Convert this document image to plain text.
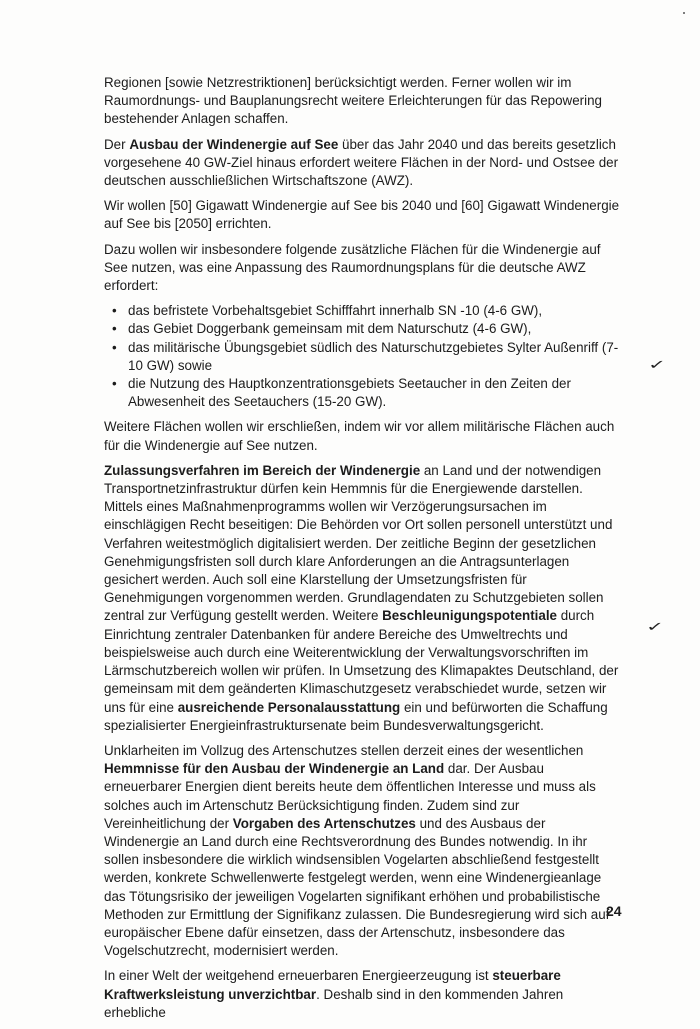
Regionen [sowie Netzrestriktionen] berücksichtigt werden. Ferner wollen wir im Raumordnungs- und Bauplanungsrecht weitere Erleichterungen für das Repowering bestehender Anlagen schaffen.

Der Ausbau der Windenergie auf See über das Jahr 2040 und das bereits gesetzlich vorgesehene 40 GW-Ziel hinaus erfordert weitere Flächen in der Nord- und Ostsee der deutschen ausschließlichen Wirtschaftszone (AWZ).

Wir wollen [50] Gigawatt Windenergie auf See bis 2040 und [60] Gigawatt Windenergie auf See bis [2050] errichten.

Dazu wollen wir insbesondere folgende zusätzliche Flächen für die Windenergie auf See nutzen, was eine Anpassung des Raumordnungsplans für die deutsche AWZ erfordert:

• das befristete Vorbehaltsgebiet Schifffahrt innerhalb SN -10 (4-6 GW),
• das Gebiet Doggerbank gemeinsam mit dem Naturschutz (4-6 GW),
• das militärische Übungsgebiet südlich des Naturschutzgebietes Sylter Außenriff (7-10 GW) sowie
• die Nutzung des Hauptkonzentrationsgebiets Seetaucher in den Zeiten der Abwesenheit des Seetauchers (15-20 GW).

Weitere Flächen wollen wir erschließen, indem wir vor allem militärische Flächen auch für die Windenergie auf See nutzen.

Zulassungsverfahren im Bereich der Windenergie an Land und der notwendigen Transportnetzinfrastruktur dürfen kein Hemmnis für die Energiewende darstellen. Mittels eines Maßnahmenprogramms wollen wir Verzögerungsursachen im einschlägigen Recht beseitigen: Die Behörden vor Ort sollen personell unterstützt und Verfahren weitestmöglich digitalisiert werden. Der zeitliche Beginn der gesetzlichen Genehmigungsfristen soll durch klare Anforderungen an die Antragsunterlagen gesichert werden. Auch soll eine Klarstellung der Umsetzungsfristen für Genehmigungen vorgenommen werden. Grundlagendaten zu Schutzgebieten sollen zentral zur Verfügung gestellt werden. Weitere Beschleunigungspotentiale durch Einrichtung zentraler Datenbanken für andere Bereiche des Umweltrechts und beispielsweise auch durch eine Weiterentwicklung der Verwaltungsvorschriften im Lärmschutzbereich wollen wir prüfen. In Umsetzung des Klimapaktes Deutschland, der gemeinsam mit dem geänderten Klimaschutzgesetz verabschiedet wurde, setzen wir uns für eine ausreichende Personalausstattung ein und befürworten die Schaffung spezialisierter Energieinfrastruktursenate beim Bundesverwaltungsgericht.

Unklarheiten im Vollzug des Artenschutzes stellen derzeit eines der wesentlichen Hemmnisse für den Ausbau der Windenergie an Land dar. Der Ausbau erneuerbarer Energien dient bereits heute dem öffentlichen Interesse und muss als solches auch im Artenschutz Berücksichtigung finden. Zudem sind zur Vereinheitlichung der Vorgaben des Artenschutzes und des Ausbaus der Windenergie an Land durch eine Rechtsverordnung des Bundes notwendig. In ihr sollen insbesondere die wirklich windsensiblen Vogelarten abschließend festgestellt werden, konkrete Schwellenwerte festgelegt werden, wenn eine Windenergieanlage das Tötungsrisiko der jeweiligen Vogelarten signifikant erhöhen und probabilistische Methoden zur Ermittlung der Signifikanz zulassen. Die Bundesregierung wird sich auf europäischer Ebene dafür einsetzen, dass der Artenschutz, insbesondere das Vogelschutzrecht, modernisiert werden.

In einer Welt der weitgehend erneuerbaren Energieerzeugung ist steuerbare Kraftwerksleistung unverzichtbar. Deshalb sind in den kommenden Jahren erhebliche

✓
✓
24
